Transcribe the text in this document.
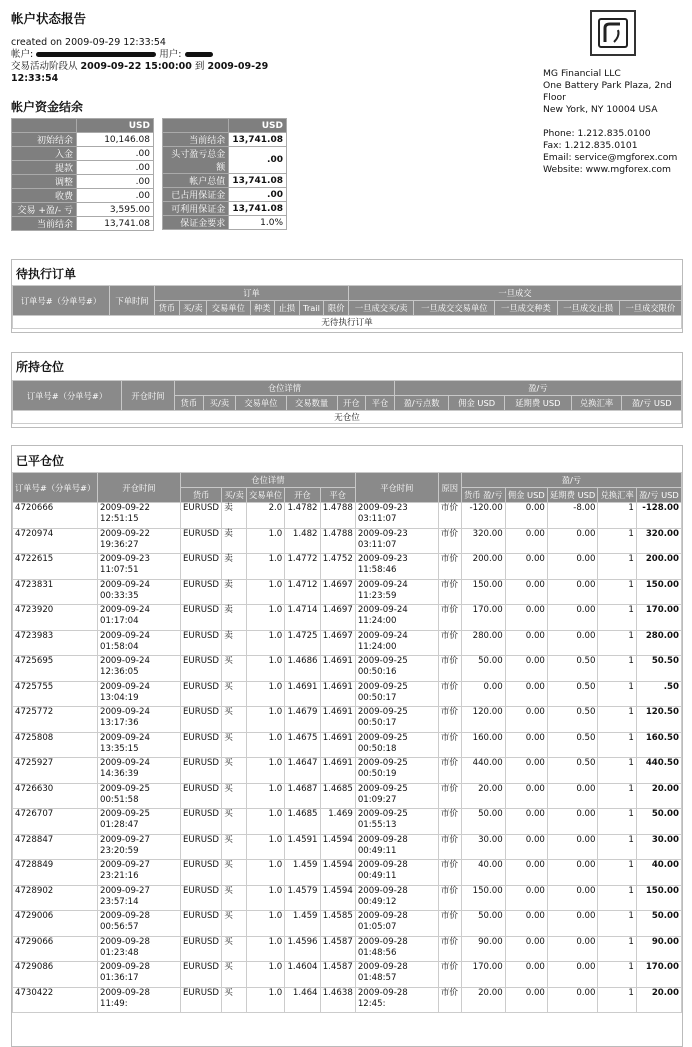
帐户状态报告
created on 2009-09-29 12:33:54
帐户:	用户:
交易活动阶段从 2009-09-22 15:00:00 到 2009-09-29 12:33:54	MG Financial LLC
One Battery Park Plaza, 2nd Floor
New York, NY 10004 USA
Phone: 1.212.835.0100
Fax: 1.212.835.0101
Email: service@mgforex.com
Website: www.mgforex.com
帐户资金结余
	USD
初始结余	10,146.08
入金	.00
提款	.00
调整	.00
收费	.00
交易 +盈/- 亏	3,595.00
当前结余	13,741.08
	USD
当前结余	13,741.08
头寸盈亏总金额	.00
帐户总值	13,741.08
已占用保证金	.00
可利用保证金	13,741.08
保证金要求	1.0%
待执行订单
订单号#（分单号#）	下单时间	订单							一旦成交				
		货币	买/卖	交易单位	种类	止损	Trail	限价	一旦成交买/卖	一旦成交交易单位	一旦成交种类	一旦成交止损	一旦成交限价
无待执行订单													
所持仓位
订单号#（分单号#）	开仓时间	仓位详情						盈/亏				
		货币	买/卖	交易单位	交易数量	开仓	平仓	盈/亏点数	佣金 USD	延期费 USD	兑换汇率	盈/亏 USD
无仓位												
已平仓位
订单号#（分单号#）	开仓时间	仓位详情					平仓时间	原因	盈/亏				
		货币	买/卖	交易单位	开仓	平仓			货币 盈/亏	佣金 USD	延期费 USD	兑换汇率	盈/亏 USD
4720666	2009-09-22 12:51:15	EURUSD	卖	2.0	1.4782	1.4788	2009-09-23 03:11:07	市价	-120.00	0.00	-8.00	1	-128.00
4720974	2009-09-22 19:36:27	EURUSD	卖	1.0	1.482	1.4788	2009-09-23 03:11:07	市价	320.00	0.00	0.00	1	320.00
4722615	2009-09-23 11:07:51	EURUSD	卖	1.0	1.4772	1.4752	2009-09-23 11:58:46	市价	200.00	0.00	0.00	1	200.00
4723831	2009-09-24 00:33:35	EURUSD	卖	1.0	1.4712	1.4697	2009-09-24 11:23:59	市价	150.00	0.00	0.00	1	150.00
4723920	2009-09-24 01:17:04	EURUSD	卖	1.0	1.4714	1.4697	2009-09-24 11:24:00	市价	170.00	0.00	0.00	1	170.00
4723983	2009-09-24 01:58:04	EURUSD	卖	1.0	1.4725	1.4697	2009-09-24 11:24:00	市价	280.00	0.00	0.00	1	280.00
4725695	2009-09-24 12:36:05	EURUSD	买	1.0	1.4686	1.4691	2009-09-25 00:50:16	市价	50.00	0.00	0.50	1	50.50
4725755	2009-09-24 13:04:19	EURUSD	买	1.0	1.4691	1.4691	2009-09-25 00:50:17	市价	0.00	0.00	0.50	1	.50
4725772	2009-09-24 13:17:36	EURUSD	买	1.0	1.4679	1.4691	2009-09-25 00:50:17	市价	120.00	0.00	0.50	1	120.50
4725808	2009-09-24 13:35:15	EURUSD	买	1.0	1.4675	1.4691	2009-09-25 00:50:18	市价	160.00	0.00	0.50	1	160.50
4725927	2009-09-24 14:36:39	EURUSD	买	1.0	1.4647	1.4691	2009-09-25 00:50:19	市价	440.00	0.00	0.50	1	440.50
4726630	2009-09-25 00:51:58	EURUSD	买	1.0	1.4687	1.4685	2009-09-25 01:09:27	市价	20.00	0.00	0.00	1	20.00
4726707	2009-09-25 01:28:47	EURUSD	买	1.0	1.4685	1.469	2009-09-25 01:55:13	市价	50.00	0.00	0.00	1	50.00
4728847	2009-09-27 23:20:59	EURUSD	买	1.0	1.4591	1.4594	2009-09-28 00:49:11	市价	30.00	0.00	0.00	1	30.00
4728849	2009-09-27 23:21:16	EURUSD	买	1.0	1.459	1.4594	2009-09-28 00:49:11	市价	40.00	0.00	0.00	1	40.00
4728902	2009-09-27 23:57:14	EURUSD	买	1.0	1.4579	1.4594	2009-09-28 00:49:12	市价	150.00	0.00	0.00	1	150.00
4729006	2009-09-28 00:56:57	EURUSD	买	1.0	1.459	1.4585	2009-09-28 01:05:07	市价	50.00	0.00	0.00	1	50.00
4729066	2009-09-28 01:23:48	EURUSD	买	1.0	1.4596	1.4587	2009-09-28 01:48:56	市价	90.00	0.00	0.00	1	90.00
4729086	2009-09-28 01:36:17	EURUSD	买	1.0	1.4604	1.4587	2009-09-28 01:48:57	市价	170.00	0.00	0.00	1	170.00
4730422	2009-09-28 11:49:	EURUSD	买	1.0	1.464	1.4638	2009-09-28 12:45:	市价	20.00	0.00	0.00	1	20.00
